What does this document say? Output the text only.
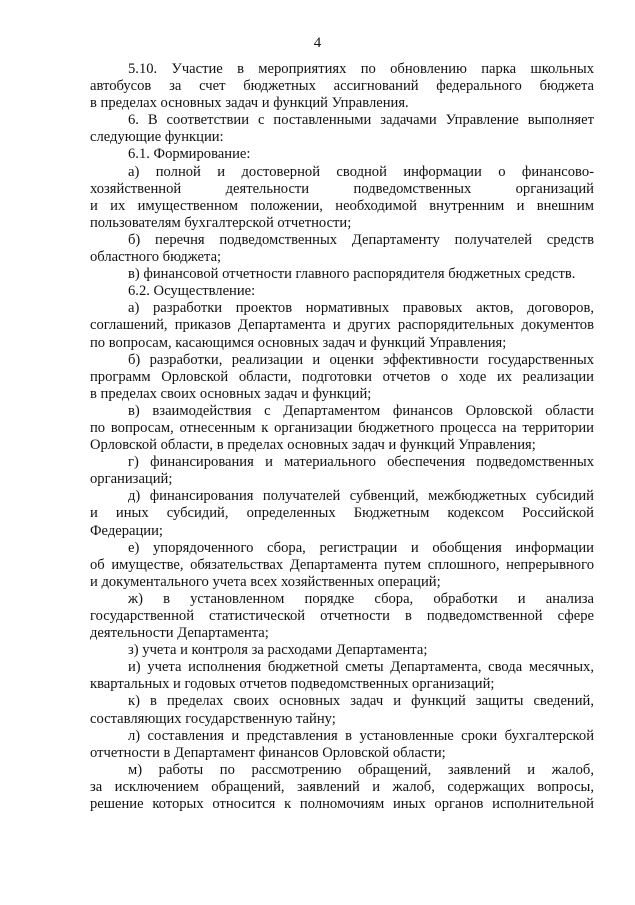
4
5.10. Участие в мероприятиях по обновлению парка школьных
автобусов за счет бюджетных ассигнований федерального бюджета
в пределах основных задач и функций Управления.
6. В соответствии с поставленными задачами Управление выполняет
следующие функции:
6.1. Формирование:
а) полной и достоверной сводной информации о финансово-
хозяйственной деятельности подведомственных организаций
и их имущественном положении, необходимой внутренним и внешним
пользователям бухгалтерской отчетности;
б) перечня подведомственных Департаменту получателей средств
областного бюджета;
в) финансовой отчетности главного распорядителя бюджетных средств.
6.2. Осуществление:
а) разработки проектов нормативных правовых актов, договоров,
соглашений, приказов Департамента и других распорядительных документов
по вопросам, касающимся основных задач и функций Управления;
б) разработки, реализации и оценки эффективности государственных
программ Орловской области, подготовки отчетов о ходе их реализации
в пределах своих основных задач и функций;
в) взаимодействия с Департаментом финансов Орловской области
по вопросам, отнесенным к организации бюджетного процесса на территории
Орловской области, в пределах основных задач и функций Управления;
г) финансирования и материального обеспечения подведомственных
организаций;
д) финансирования получателей субвенций, межбюджетных субсидий
и иных субсидий, определенных Бюджетным кодексом Российской
Федерации;
е) упорядоченного сбора, регистрации и обобщения информации
об имуществе, обязательствах Департамента путем сплошного, непрерывного
и документального учета всех хозяйственных операций;
ж) в установленном порядке сбора, обработки и анализа
государственной статистической отчетности в подведомственной сфере
деятельности Департамента;
з) учета и контроля за расходами Департамента;
и) учета исполнения бюджетной сметы Департамента, свода месячных,
квартальных и годовых отчетов подведомственных организаций;
к) в пределах своих основных задач и функций защиты сведений,
составляющих государственную тайну;
л) составления и представления в установленные сроки бухгалтерской
отчетности в Департамент финансов Орловской области;
м) работы по рассмотрению обращений, заявлений и жалоб,
за исключением обращений, заявлений и жалоб, содержащих вопросы,
решение которых относится к полномочиям иных органов исполнительной
